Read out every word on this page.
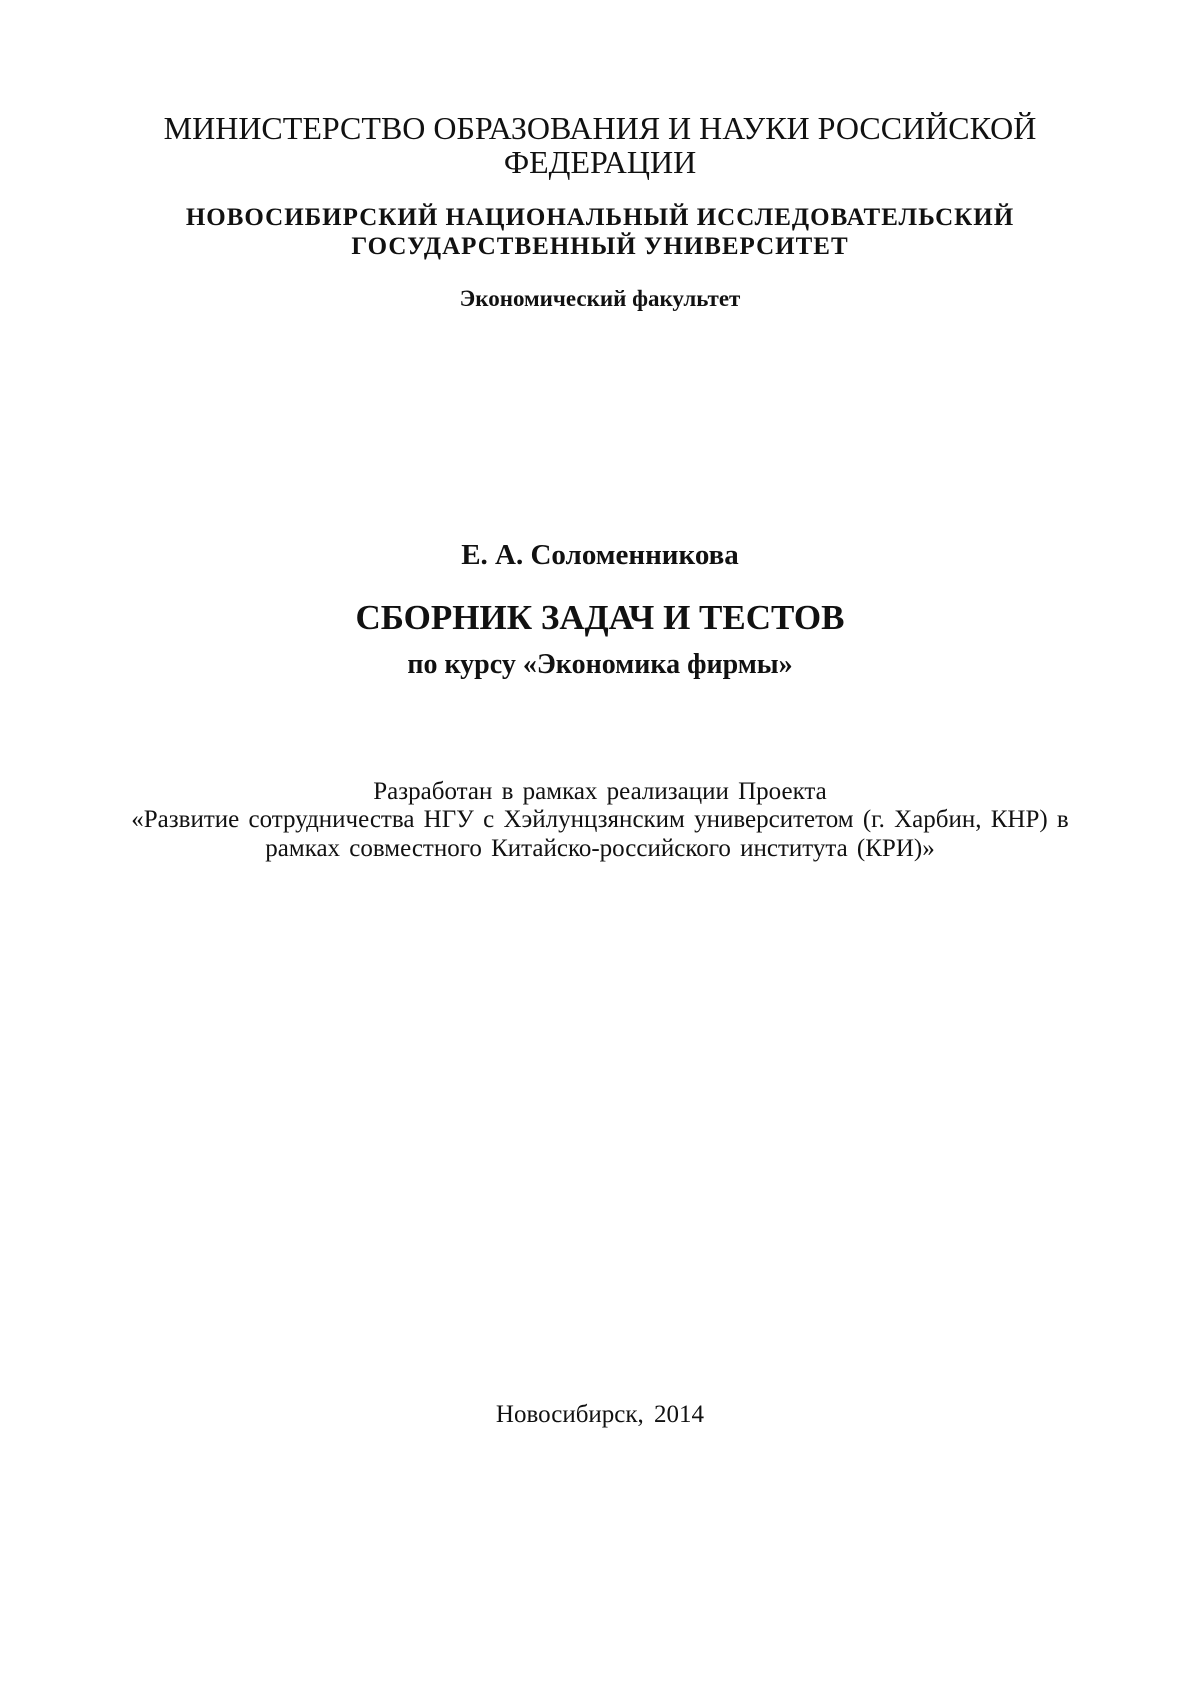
МИНИСТЕРСТВО ОБРАЗОВАНИЯ И НАУКИ РОССИЙСКОЙ
ФЕДЕРАЦИИ
НОВОСИБИРСКИЙ НАЦИОНАЛЬНЫЙ ИССЛЕДОВАТЕЛЬСКИЙ
ГОСУДАРСТВЕННЫЙ УНИВЕРСИТЕТ
Экономический факультет
Е. А. Соломенникова
СБОРНИК ЗАДАЧ И ТЕСТОВ
по курсу «Экономика фирмы»
Разработан в рамках реализации Проекта
«Развитие сотрудничества НГУ с Хэйлунцзянским университетом (г. Харбин, КНР) в
рамках совместного Китайско-российского института (КРИ)»
Новосибирск, 2014
